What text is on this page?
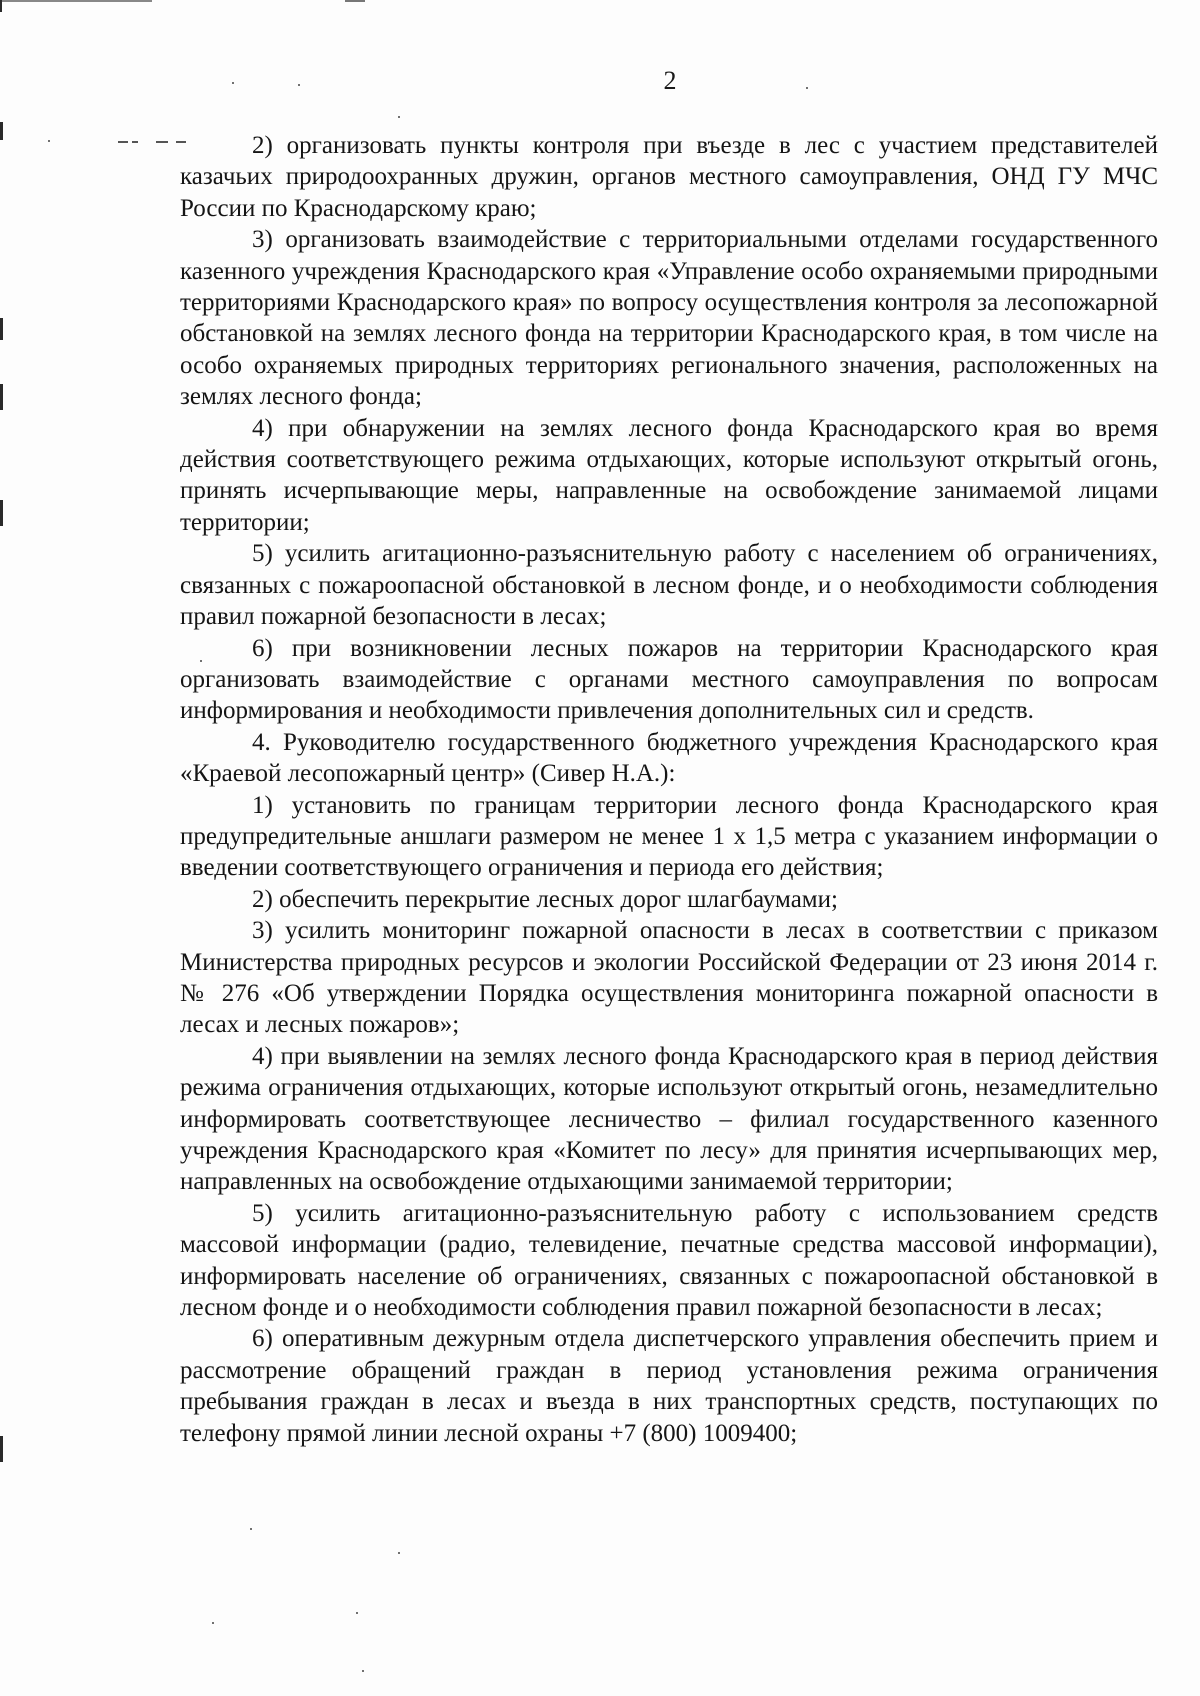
2

2) организовать пункты контроля при въезде в лес с участием представителей казачьих природоохранных дружин, органов местного самоуправления, ОНД ГУ МЧС России по Краснодарскому краю;

3) организовать взаимодействие с территориальными отделами государственного казенного учреждения Краснодарского края «Управление особо охраняемыми природными территориями Краснодарского края» по вопросу осуществления контроля за лесопожарной обстановкой на землях лесного фонда на территории Краснодарского края, в том числе на особо охраняемых природных территориях регионального значения, расположенных на землях лесного фонда;

4) при обнаружении на землях лесного фонда Краснодарского края во время действия соответствующего режима отдыхающих, которые используют открытый огонь, принять исчерпывающие меры, направленные на освобождение занимаемой лицами территории;

5) усилить агитационно-разъяснительную работу с населением об ограничениях, связанных с пожароопасной обстановкой в лесном фонде, и о необходимости соблюдения правил пожарной безопасности в лесах;

6) при возникновении лесных пожаров на территории Краснодарского края организовать взаимодействие с органами местного самоуправления по вопросам информирования и необходимости привлечения дополнительных сил и средств.

4. Руководителю государственного бюджетного учреждения Краснодарского края «Краевой лесопожарный центр» (Сивер Н.А.):

1) установить по границам территории лесного фонда Краснодарского края предупредительные аншлаги размером не менее 1 х 1,5 метра с указанием информации о введении соответствующего ограничения и периода его действия;

2) обеспечить перекрытие лесных дорог шлагбаумами;

3) усилить мониторинг пожарной опасности в лесах в соответствии с приказом Министерства природных ресурсов и экологии Российской Федерации от 23 июня 2014 г. № 276 «Об утверждении Порядка осуществления мониторинга пожарной опасности в лесах и лесных пожаров»;

4) при выявлении на землях лесного фонда Краснодарского края в период действия режима ограничения отдыхающих, которые используют открытый огонь, незамедлительно информировать соответствующее лесничество – филиал государственного казенного учреждения Краснодарского края «Комитет по лесу» для принятия исчерпывающих мер, направленных на освобождение отдыхающими занимаемой территории;

5) усилить агитационно-разъяснительную работу с использованием средств массовой информации (радио, телевидение, печатные средства массовой информации), информировать население об ограничениях, связанных с пожароопасной обстановкой в лесном фонде и о необходимости соблюдения правил пожарной безопасности в лесах;

6) оперативным дежурным отдела диспетчерского управления обеспечить прием и рассмотрение обращений граждан в период установления режима ограничения пребывания граждан в лесах и въезда в них транспортных средств, поступающих по телефону прямой линии лесной охраны +7 (800) 1009400;
